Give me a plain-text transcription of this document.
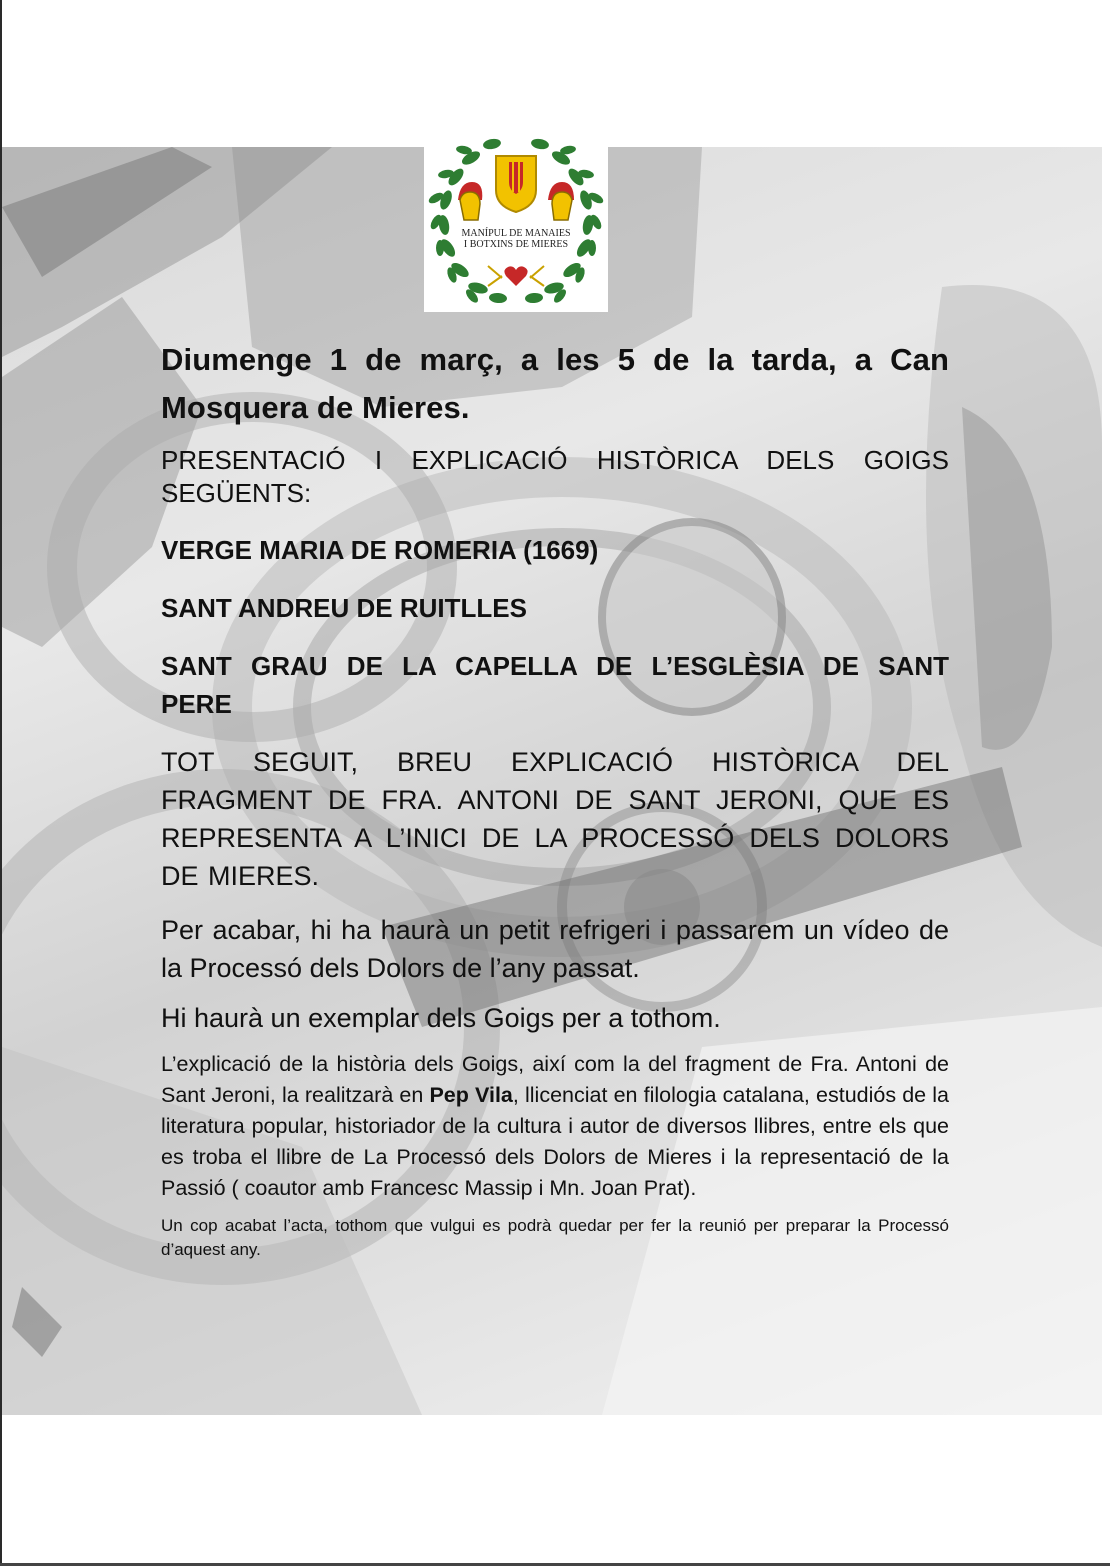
MANÍPUL DE MANAIES
I BOTXINS DE MIERES
Diumenge 1 de març, a les 5 de la tarda, a Can Mosquera de Mieres.
PRESENTACIÓ I EXPLICACIÓ HISTÒRICA DELS GOIGS SEGÜENTS:
VERGE MARIA DE ROMERIA (1669)
SANT ANDREU DE RUITLLES
SANT GRAU DE LA CAPELLA DE L’ESGLÈSIA DE SANT PERE
TOT SEGUIT, BREU EXPLICACIÓ HISTÒRICA DEL FRAGMENT DE FRA. ANTONI DE SANT JERONI, QUE ES REPRESENTA A L’INICI DE LA PROCESSÓ DELS DOLORS DE MIERES.
Per acabar, hi ha haurà un petit refrigeri i passarem un vídeo de la Processó dels Dolors de l’any passat.
Hi haurà un exemplar dels Goigs per a tothom.
L’explicació de la història dels Goigs, així com la del fragment de Fra. Antoni de Sant Jeroni, la realitzarà en Pep Vila, llicenciat en filologia catalana, estudiós de la literatura popular, historiador de la cultura i autor de diversos llibres, entre els que es troba el llibre de La Processó dels Dolors de Mieres i la representació de la Passió ( coautor amb Francesc Massip i Mn. Joan Prat).
Un cop acabat l’acta, tothom que vulgui es podrà quedar per fer la reunió per preparar la Processó d’aquest any.
